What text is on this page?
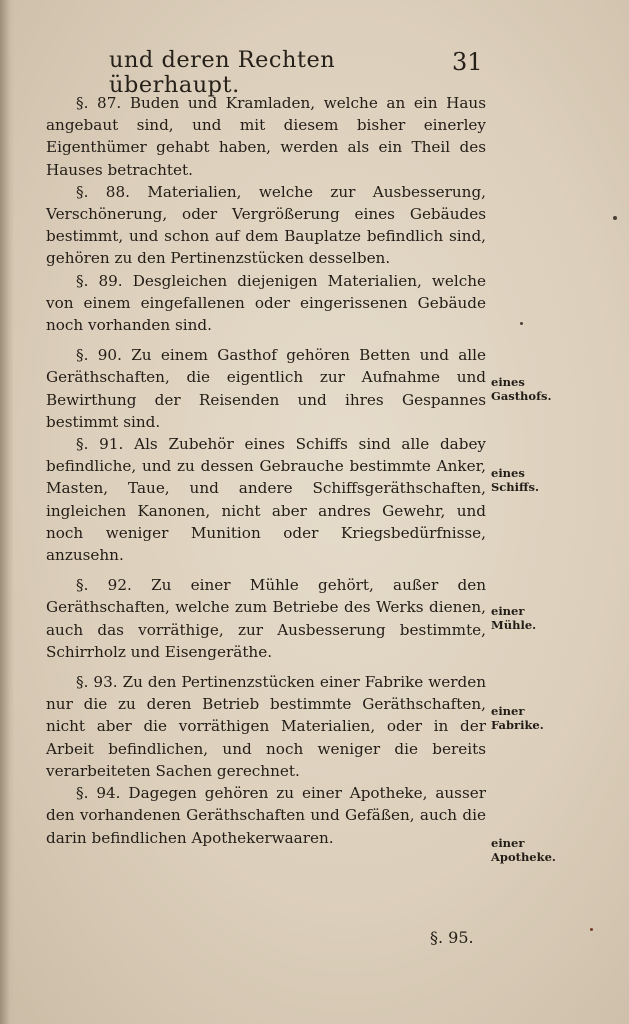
und deren Rechten überhaupt.
31

§. 87. Buden und Kramladen, welche an ein Haus angebaut sind, und mit diesem bisher einerley Eigenthümer gehabt haben, werden als ein Theil des Hauses betrachtet.

§. 88. Materialien, welche zur Ausbesserung, Verschönerung, oder Vergrößerung eines Gebäudes bestimmt, und schon auf dem Bauplatze befindlich sind, gehören zu den Pertinenzstücken desselben.

§. 89. Desgleichen diejenigen Materialien, welche von einem eingefallenen oder eingerissenen Gebäude noch vorhanden sind.

§. 90. Zu einem Gasthof gehören Betten und alle Geräthschaften, die eigentlich zur Aufnahme und Bewirthung der Reisenden und ihres Gespannes bestimmt sind.

§. 91. Als Zubehör eines Schiffs sind alle dabey befindliche, und zu dessen Gebrauche bestimmte Anker, Masten, Taue, und andere Schiffsgeräthschaften, ingleichen Kanonen, nicht aber andres Gewehr, und noch weniger Munition oder Kriegsbedürfnisse, anzusehn.

§. 92. Zu einer Mühle gehört, außer den Geräthschaften, welche zum Betriebe des Werks dienen, auch das vorräthige, zur Ausbesserung bestimmte, Schirrholz und Eisengeräthe.

§. 93. Zu den Pertinenzstücken einer Fabrike werden nur die zu deren Betrieb bestimmte Geräthschaften, nicht aber die vorräthigen Materialien, oder in der Arbeit befindlichen, und noch weniger die bereits verarbeiteten Sachen gerechnet.

§. 94. Dagegen gehören zu einer Apotheke, ausser den vorhandenen Geräthschaften und Gefäßen, auch die darin befindlichen Apothekerwaaren.

eines Gasthofs.
eines Schiffs.
einer Mühle.
einer Fabrike.
einer Apotheke.
§. 95.
